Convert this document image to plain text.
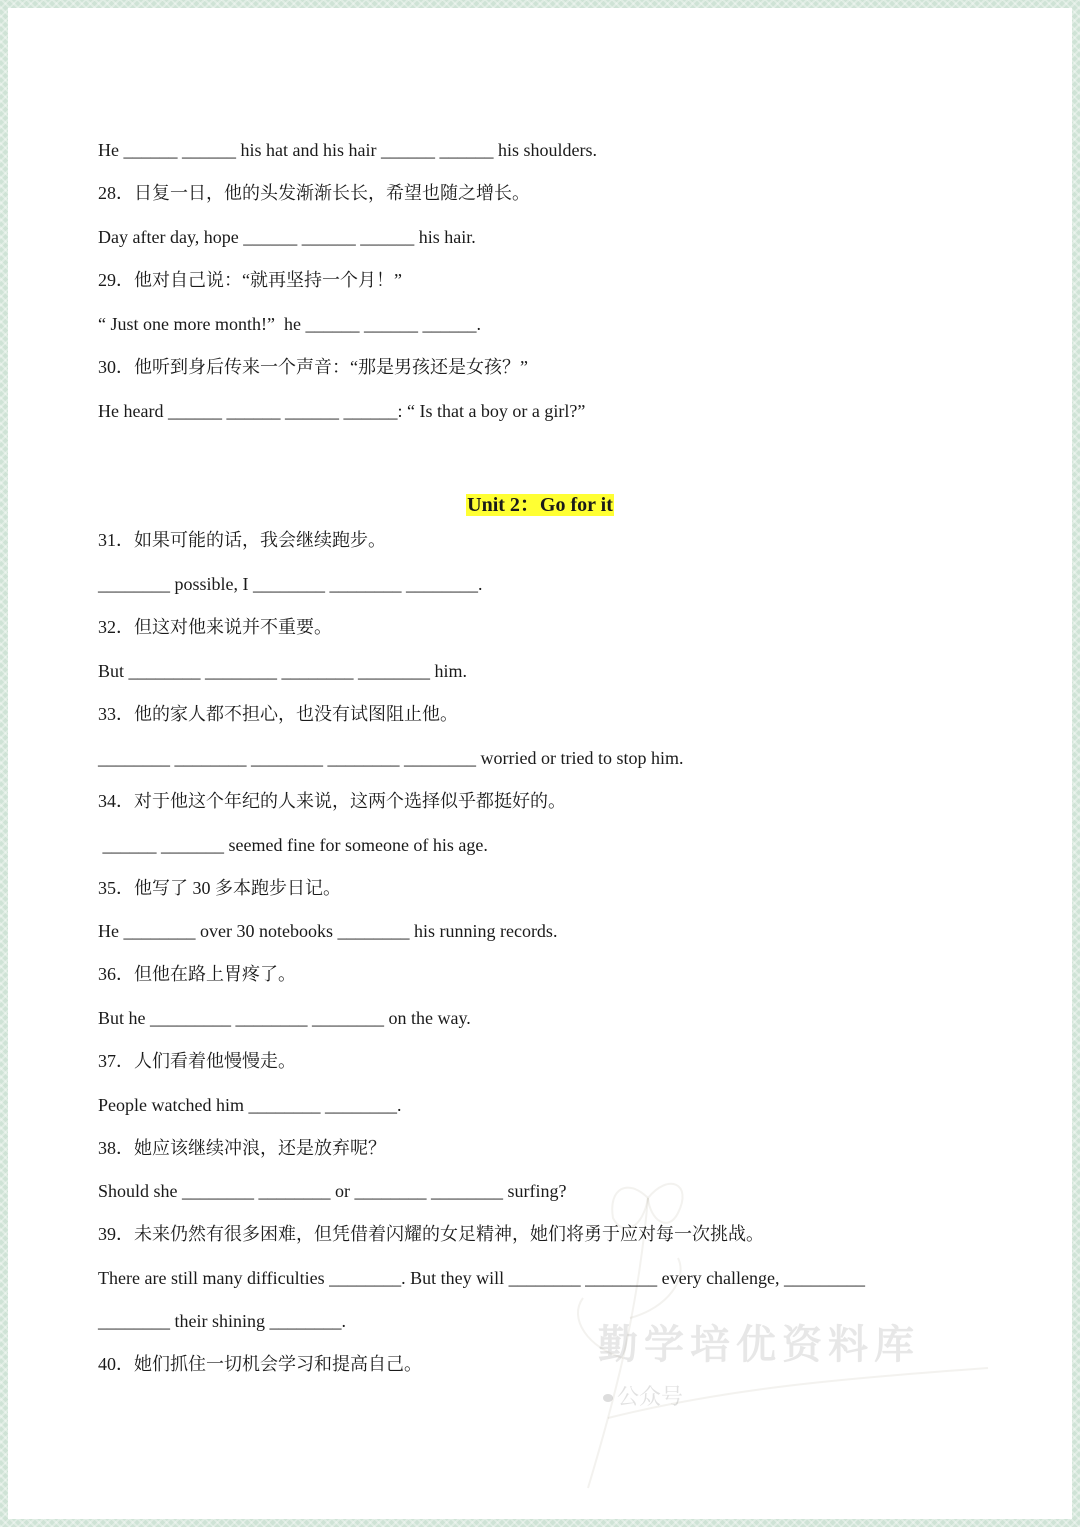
He ______ ______ his hat and his hair ______ ______ his shoulders.
28．日复一日，他的头发渐渐长长，希望也随之增长。
Day after day, hope ______ ______ ______ his hair.
29．他对自己说：“就再坚持一个月！”
“ Just one more month!”  he ______ ______ ______.
30．他听到身后传来一个声音：“那是男孩还是女孩？”
He heard ______ ______ ______ ______: “ Is that a boy or a girl?”
Unit 2：Go for it
31．如果可能的话，我会继续跑步。
________ possible, I ________ ________ ________.
32．但这对他来说并不重要。
But ________ ________ ________ ________ him.
33．他的家人都不担心，也没有试图阻止他。
________ ________ ________ ________ ________ worried or tried to stop him.
34．对于他这个年纪的人来说，这两个选择似乎都挺好的。
______ _______ seemed fine for someone of his age.
35．他写了 30 多本跑步日记。
He ________ over 30 notebooks ________ his running records.
36．但他在路上胃疼了。
But he _________ ________ ________ on the way.
37．人们看着他慢慢走。
People watched him ________ ________.
38．她应该继续冲浪，还是放弃呢？
Should she ________ ________ or ________ ________ surfing?
39．未来仍然有很多困难，但凭借着闪耀的女足精神，她们将勇于应对每一次挑战。
There are still many difficulties ________. But they will ________ ________ every challenge, _________
________ their shining ________.
40．她们抓住一切机会学习和提高自己。	勤学培优资料库
公众号
